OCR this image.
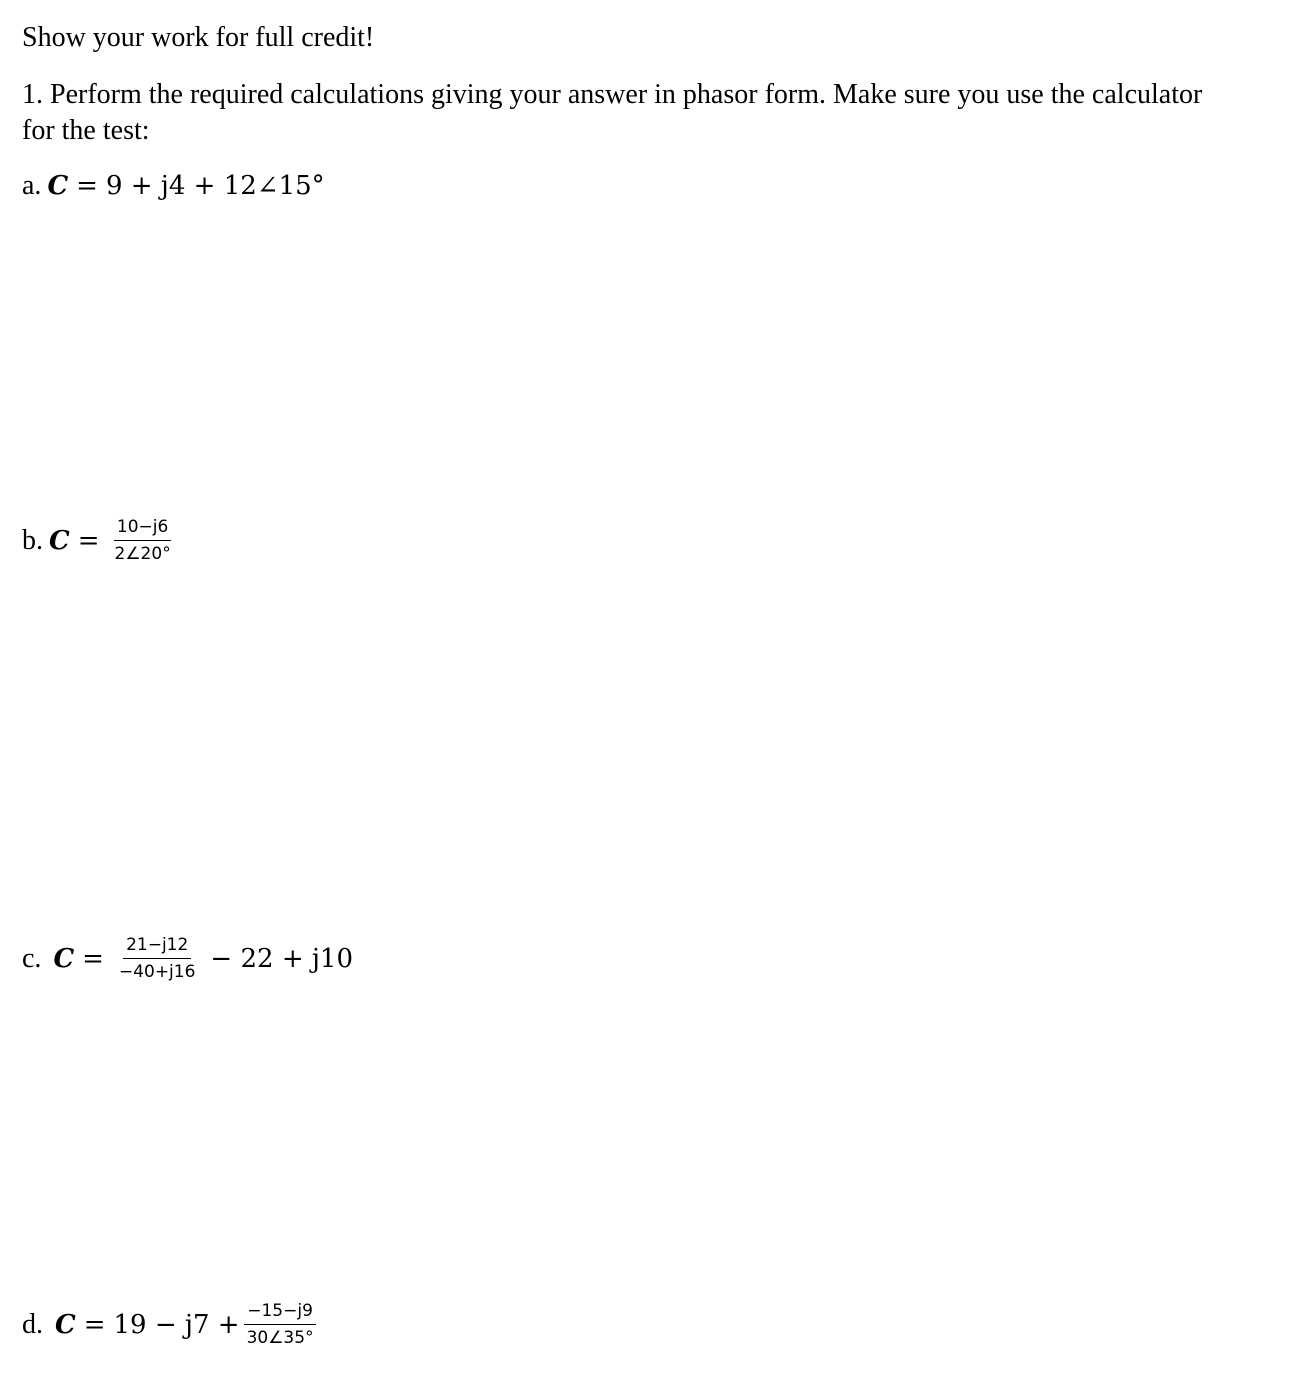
Show your work for full credit!
1. Perform the required calculations giving your answer in phasor form. Make sure you use the calculator
for the test:
a. C = 9 + j4 + 12∠15°
b. $C = \frac{10-j6}{2\angle 20^\circ}$
c. $C = \frac{21-j12}{-40+j16} - 22 + j10$
d. $C = 19 - j7 + \frac{-15-j9}{30\angle 35^\circ}$
